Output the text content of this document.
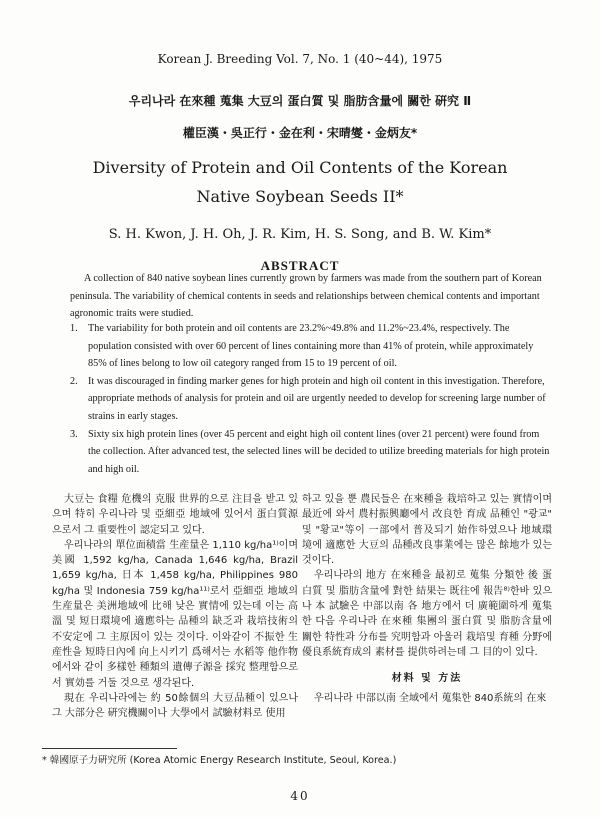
Korean J. Breeding Vol. 7, No. 1 (40~44), 1975
우리나라 在來種 蒐集 大豆의 蛋白質 및 脂肪含量에 關한 硏究 Ⅱ
權臣漢・吳正行・金在利・宋晴燮・金炳友*
Diversity of Protein and Oil Contents of the Korean
Native Soybean Seeds II*
S. H. Kwon, J. H. Oh, J. R. Kim, H. S. Song, and B. W. Kim*
ABSTRACT
A collection of 840 native soybean lines currently grown by farmers was made from the southern part of Korean peninsula. The variability of chemical contents in seeds and relationships between chemical contents and important agronomic traits were studied.
1. The variability for both protein and oil contents are 23.2%~49.8% and 11.2%~23.4%, respectively. The population consisted with over 60 percent of lines containing more than 41% of protein, while approximately 85% of lines belong to low oil category ranged from 15 to 19 percent of oil.
2. It was discouraged in finding marker genes for high protein and high oil content in this investigation. Therefore, appropriate methods of analysis for protein and oil are urgently needed to develop for screening large number of strains in early stages.
3. Sixty six high protein lines (over 45 percent and eight high oil content lines (over 21 percent) were found from the collection. After advanced test, the selected lines will be decided to utilize breeding materials for high protein and high oil.

大豆는 食糧 危機의 克服 世界的으로 注目을 받고 있으며 特히 우리나라 및 亞細亞 地域에 있어서 蛋白質源으로서 그 重要性이 認定되고 있다.

우리나라의 單位面積當 生産量은 1,110 kg/ha¹⁾이며 美國 1,592 kg/ha, Canada 1,646 kg/ha, Brazil 1,659 kg/ha, 日本 1,458 kg/ha, Philippines 980 kg/ha 및 Indonesia 759 kg/ha¹¹⁾로서 亞細亞 地域의 生産量은 美洲地域에 比해 낮은 實情에 있는데 이는 高溫 및 短日環境에 適應하는 品種의 缺乏과 栽培技術의 不安定에 그 主原因이 있는 것이다. 이와같이 不振한 生産性을 短時日內에 向上시키기 爲해서는 水稻等 他作物에서와 같이 多樣한 種類의 遺傳子源을 採究 整理함으로서 實効를 거둘 것으로 생각된다.

現在 우리나라에는 約 50餘個의 大豆品種이 있으나 그 大部分은 硏究機關이나 大學에서 試驗材料로 使用

하고 있을 뿐 農民들은 在來種을 栽培하고 있는 實情이며 最近에 와서 農村振興廳에서 改良한 育成 品種인 "광교" 및 "황교"等이 一部에서 普及되기 始作하였으나 地域環境에 適應한 大豆의 品種改良事業에는 많은 餘地가 있는 것이다.

우리나라의 地方 在來種을 最初로 蒐集 分類한 後 蛋白質 및 脂肪含量에 對한 結果는 既往에 報告⁸⁾한바 있으나 本 試驗은 中部以南 各 地方에서 더 廣範圍하게 蒐集한 다음 우리나라 在來種 集團의 蛋白質 및 脂肪含量에 關한 特性과 分布를 究明함과 아울러 栽培및 育種 分野에 優良系統育成의 素材를 提供하려는데 그 目的이 있다.

材料 및 方法

우리나라 中部以南 全域에서 蒐集한 840系統의 在來

* 韓國原子力硏究所 (Korea Atomic Energy Research Institute, Seoul, Korea.)
40
